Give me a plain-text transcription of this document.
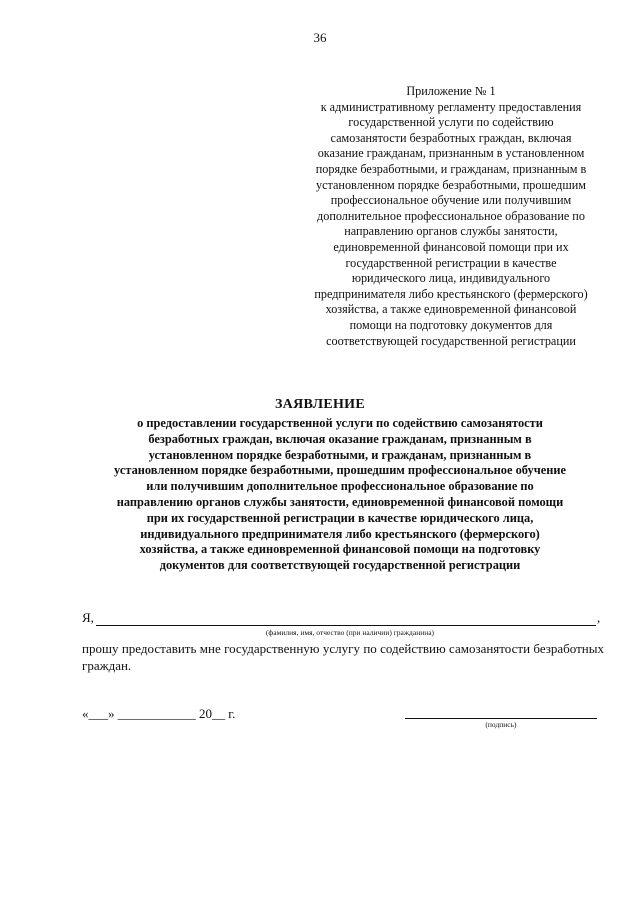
36
Приложение № 1
к административному регламенту предоставления
государственной услуги по содействию
самозанятости безработных граждан, включая
оказание гражданам, признанным в установленном
порядке безработными, и гражданам, признанным в
установленном порядке безработными, прошедшим
профессиональное обучение или получившим
дополнительное профессиональное образование по
направлению органов службы занятости,
единовременной финансовой помощи при их
государственной регистрации в качестве
юридического лица, индивидуального
предпринимателя либо крестьянского (фермерского)
хозяйства, а также единовременной финансовой
помощи на подготовку документов для
соответствующей государственной регистрации
ЗАЯВЛЕНИЕ
о предоставлении государственной услуги по содействию самозанятости
безработных граждан, включая оказание гражданам, признанным в
установленном порядке безработными, и гражданам, признанным в
установленном порядке безработными, прошедшим профессиональное обучение
или получившим дополнительное профессиональное образование по
направлению органов службы занятости, единовременной финансовой помощи
при их государственной регистрации в качестве юридического лица,
индивидуального предпринимателя либо крестьянского (фермерского)
хозяйства, а также единовременной финансовой помощи на подготовку
документов для соответствующей государственной регистрации
Я,	,
(фамилия, имя, отчество (при наличии) гражданина)
прошу предоставить мне государственную услугу по содействию самозанятости безработных граждан.
«___» ____________ 20__ г.
(подпись)
